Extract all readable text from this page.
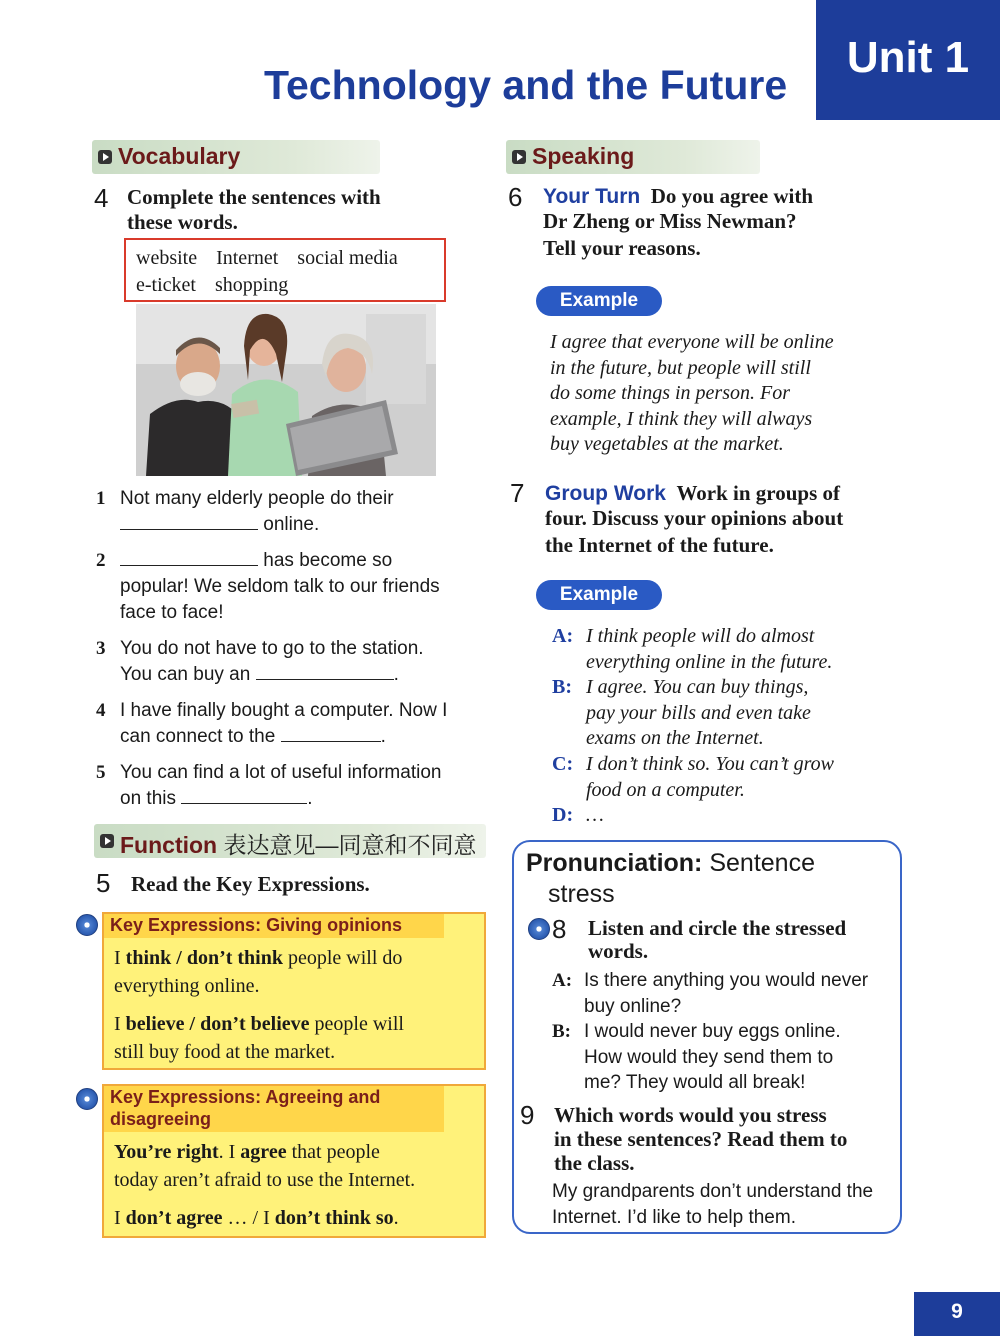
Unit 1
Technology and the Future
Vocabulary
4 Complete the sentences with
these words.
website Internet social media
e-ticket shopping
1 Not many elderly people do their
online.
2	has become so
popular! We seldom talk to our friends
face to face!
3 You do not have to go to the station.
You can buy an	.
4 I have finally bought a computer. Now I
can connect to the	.
5 You can find a lot of useful information
on this	.
Function 表达意见—同意和不同意
5 Read the Key Expressions.
Key Expressions: Giving opinions
I think / don’t think people will do
everything online.
I believe / don’t believe people will
still buy food at the market.
Key Expressions: Agreeing and
disagreeing
You’re right. I agree that people
today aren’t afraid to use the Internet.
I don’t agree … / I don’t think so.
Speaking
6 Your Turn Do you agree with
Dr Zheng or Miss Newman?
Tell your reasons.
Example
I agree that everyone will be online
in the future, but people will still
do some things in person. For
example, I think they will always
buy vegetables at the market.
7 Group Work Work in groups of
four. Discuss your opinions about
the Internet of the future.
Example
A: I think people will do almost
everything online in the future.
B: I agree. You can buy things,
pay your bills and even take
exams on the Internet.
C: I don’t think so. You can’t grow
food on a computer.
D: …
Pronunciation: Sentence
stress
8 Listen and circle the stressed
words.
A: Is there anything you would never
buy online?
B: I would never buy eggs online.
How would they send them to
me? They would all break!
9 Which words would you stress
in these sentences? Read them to
the class.
My grandparents don’t understand the
Internet. I’d like to help them.
9
